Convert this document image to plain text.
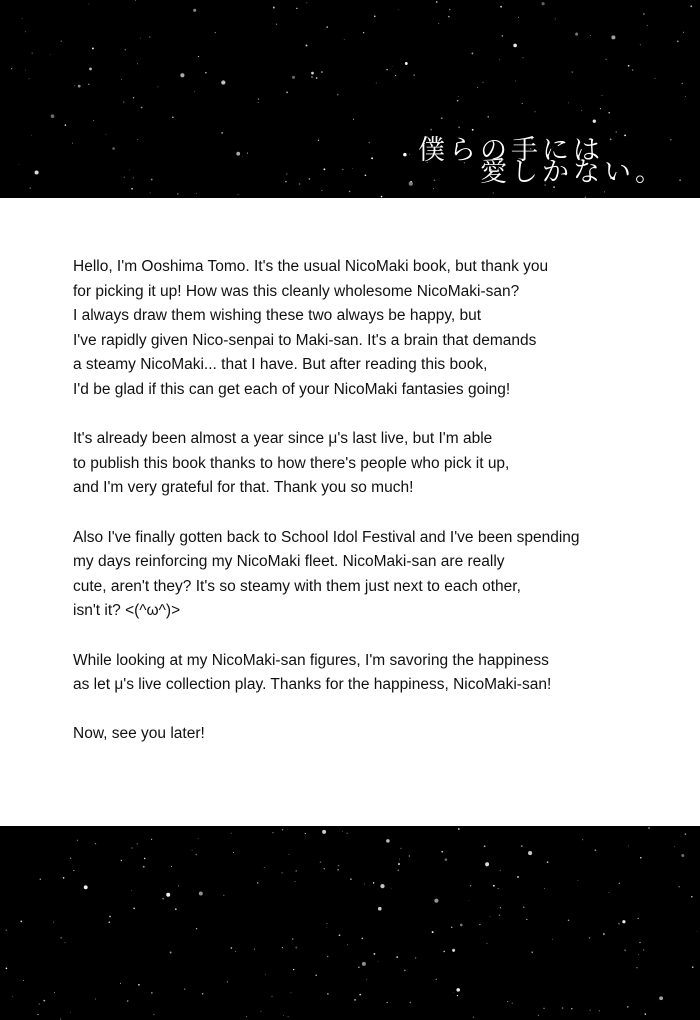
僕らの手には
愛しかない。

Hello, I'm Ooshima Tomo. It's the usual NicoMaki book, but thank you
for picking it up! How was this cleanly wholesome NicoMaki-san?
I always draw them wishing these two always be happy, but
I've rapidly given Nico-senpai to Maki-san. It's a brain that demands
a steamy NicoMaki... that I have. But after reading this book,
I'd be glad if this can get each of your NicoMaki fantasies going!

It's already been almost a year since μ's last live, but I'm able
to publish this book thanks to how there's people who pick it up,
and I'm very grateful for that. Thank you so much!

Also I've finally gotten back to School Idol Festival and I've been spending
my days reinforcing my NicoMaki fleet. NicoMaki-san are really
cute, aren't they? It's so steamy with them just next to each other,
isn't it? <(^ω^)>

While looking at my NicoMaki-san figures, I'm savoring the happiness
as let μ's live collection play. Thanks for the happiness, NicoMaki-san!

Now, see you later!
